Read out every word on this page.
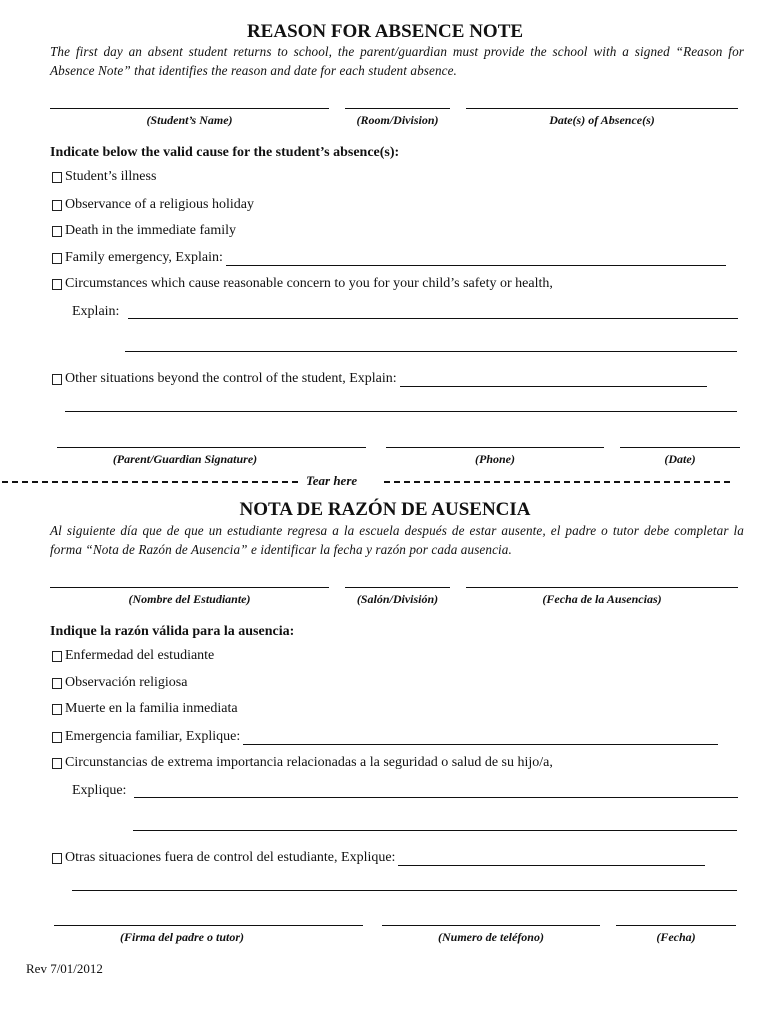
REASON FOR ABSENCE NOTE
The first day an absent student returns to school, the parent/guardian must provide the school with a signed “Reason for Absence Note” that identifies the reason and date for each student absence.
(Student’s Name)	(Room/Division)	Date(s) of Absence(s)
Indicate below the valid cause for the student’s absence(s):
Student’s illness
Observance of a religious holiday
Death in the immediate family
Family emergency, Explain:
Circumstances which cause reasonable concern to you for your child’s safety or health,
Explain:
Other situations beyond the control of the student, Explain:
(Parent/Guardian Signature)	(Phone)	(Date)
Tear here
NOTA DE RAZÓN DE AUSENCIA
Al siguiente día que de que un estudiante regresa a la escuela después de estar ausente, el padre o tutor debe completar la forma “Nota de Razón de Ausencia” e identificar la fecha y razón por cada ausencia.
(Nombre del Estudiante)	(Salón/División)	(Fecha de la Ausencias)
Indique la razón válida para la ausencia:
Enfermedad del estudiante
Observación religiosa
Muerte en la familia inmediata
Emergencia familiar, Explique:
Circunstancias de extrema importancia relacionadas a la seguridad o salud de su hijo/a,
Explique:
Otras situaciones fuera de control del estudiante, Explique:
(Firma del padre o tutor)	(Numero de teléfono)	(Fecha)
Rev 7/01/2012
